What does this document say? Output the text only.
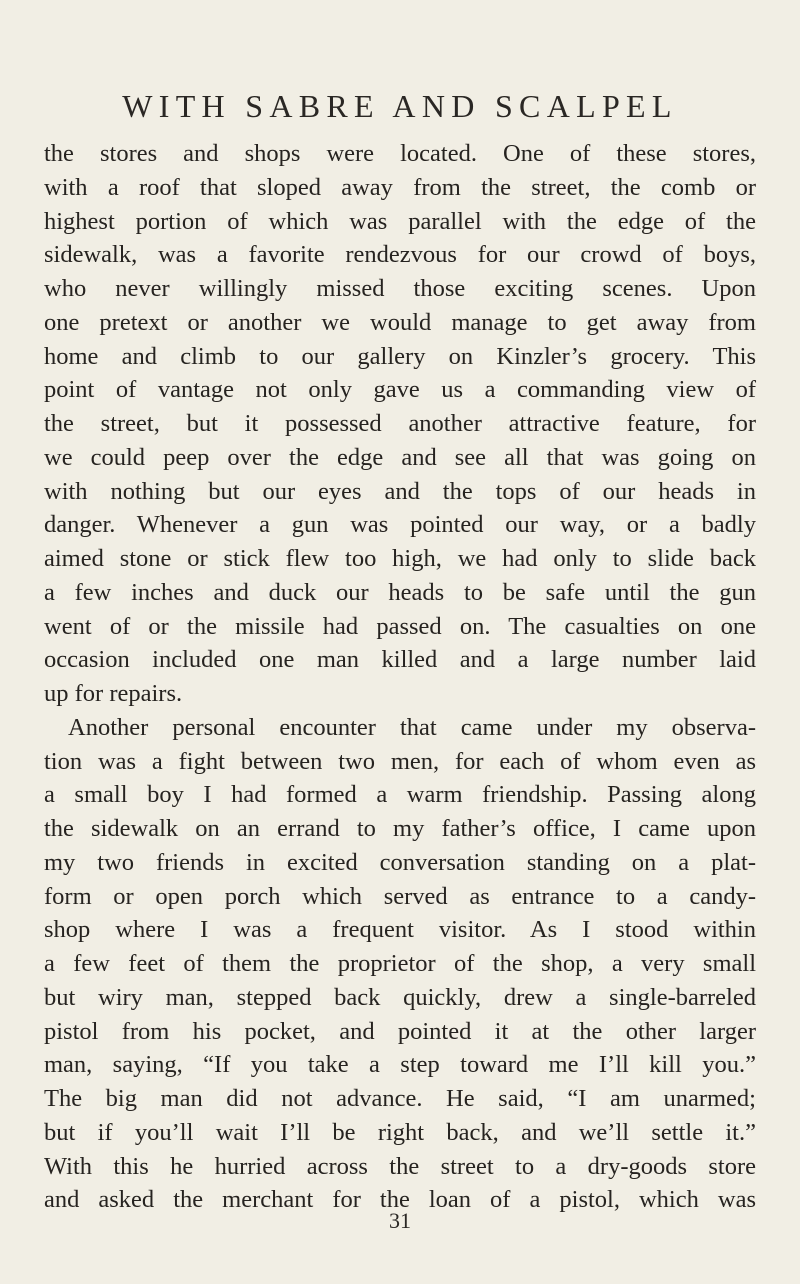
WITH SABRE AND SCALPEL
the stores and shops were located. One of these stores,
with a roof that sloped away from the street, the comb or
highest portion of which was parallel with the edge of the
sidewalk, was a favorite rendezvous for our crowd of boys,
who never willingly missed those exciting scenes. Upon
one pretext or another we would manage to get away from
home and climb to our gallery on Kinzler’s grocery. This
point of vantage not only gave us a commanding view of
the street, but it possessed another attractive feature, for
we could peep over the edge and see all that was going on
with nothing but our eyes and the tops of our heads in
danger. Whenever a gun was pointed our way, or a badly
aimed stone or stick flew too high, we had only to slide back
a few inches and duck our heads to be safe until the gun
went of or the missile had passed on. The casualties on one
occasion included one man killed and a large number laid
up for repairs.
Another personal encounter that came under my observa-
tion was a fight between two men, for each of whom even as
a small boy I had formed a warm friendship. Passing along
the sidewalk on an errand to my father’s office, I came upon
my two friends in excited conversation standing on a plat-
form or open porch which served as entrance to a candy-
shop where I was a frequent visitor. As I stood within
a few feet of them the proprietor of the shop, a very small
but wiry man, stepped back quickly, drew a single-barreled
pistol from his pocket, and pointed it at the other larger
man, saying, “If you take a step toward me I’ll kill you.”
The big man did not advance. He said, “I am unarmed;
but if you’ll wait I’ll be right back, and we’ll settle it.”
With this he hurried across the street to a dry-goods store
and asked the merchant for the loan of a pistol, which was
31
